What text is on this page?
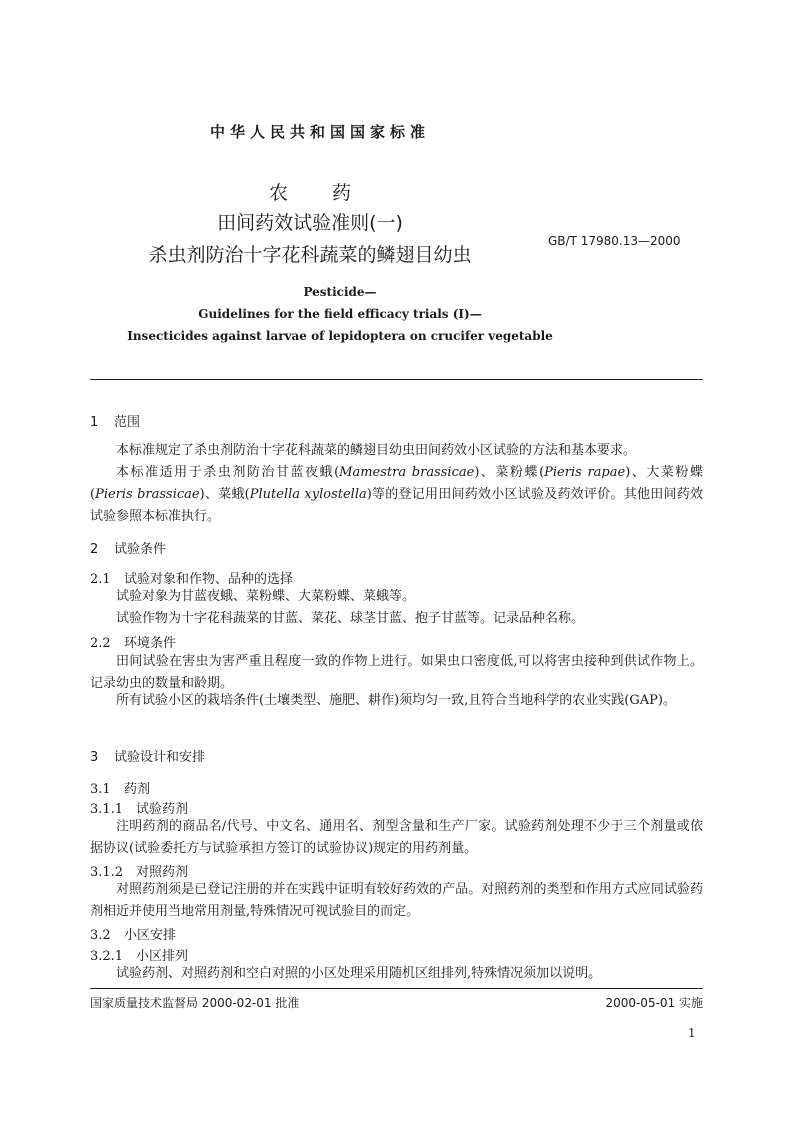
中华人民共和国国家标准
农 药
田间药效试验准则(一)
杀虫剂防治十字花科蔬菜的鳞翅目幼虫
GB/T 17980.13—2000
Pesticide—
Guidelines for the field efficacy trials (Ⅰ)—
Insecticides against larvae of lepidoptera on crucifer vegetable
1 范围
本标准规定了杀虫剂防治十字花科蔬菜的鳞翅目幼虫田间药效小区试验的方法和基本要求。
本标准适用于杀虫剂防治甘蓝夜蛾(Mamestra brassicae)、菜粉蝶(Pieris rapae)、大菜粉蝶(Pieris brassicae)、菜蛾(Plutella xylostella)等的登记用田间药效小区试验及药效评价。其他田间药效试验参照本标准执行。
2 试验条件
2.1 试验对象和作物、品种的选择
试验对象为甘蓝夜蛾、菜粉蝶、大菜粉蝶、菜蛾等。
试验作物为十字花科蔬菜的甘蓝、菜花、球茎甘蓝、抱子甘蓝等。记录品种名称。
2.2 环境条件
田间试验在害虫为害严重且程度一致的作物上进行。如果虫口密度低,可以将害虫接种到供试作物上。记录幼虫的数量和龄期。
所有试验小区的栽培条件(土壤类型、施肥、耕作)须均匀一致,且符合当地科学的农业实践(GAP)。
3 试验设计和安排
3.1 药剂
3.1.1 试验药剂
注明药剂的商品名/代号、中文名、通用名、剂型含量和生产厂家。试验药剂处理不少于三个剂量或依据协议(试验委托方与试验承担方签订的试验协议)规定的用药剂量。
3.1.2 对照药剂
对照药剂须是已登记注册的并在实践中证明有较好药效的产品。对照药剂的类型和作用方式应同试验药剂相近并使用当地常用剂量,特殊情况可视试验目的而定。
3.2 小区安排
3.2.1 小区排列
试验药剂、对照药剂和空白对照的小区处理采用随机区组排列,特殊情况须加以说明。
国家质量技术监督局 2000-02-01 批准	2000-05-01 实施
1
